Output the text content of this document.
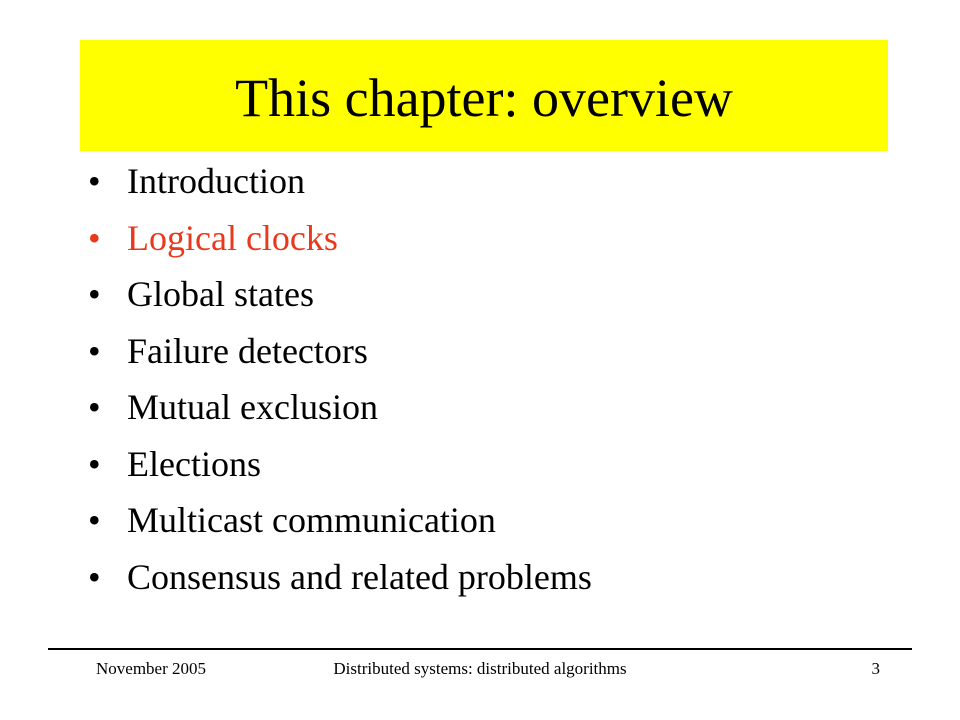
This chapter: overview
• Introduction
• Logical clocks
• Global states
• Failure detectors
• Mutual exclusion
• Elections
• Multicast communication
• Consensus and related problems
November 2005	Distributed systems: distributed algorithms	3
